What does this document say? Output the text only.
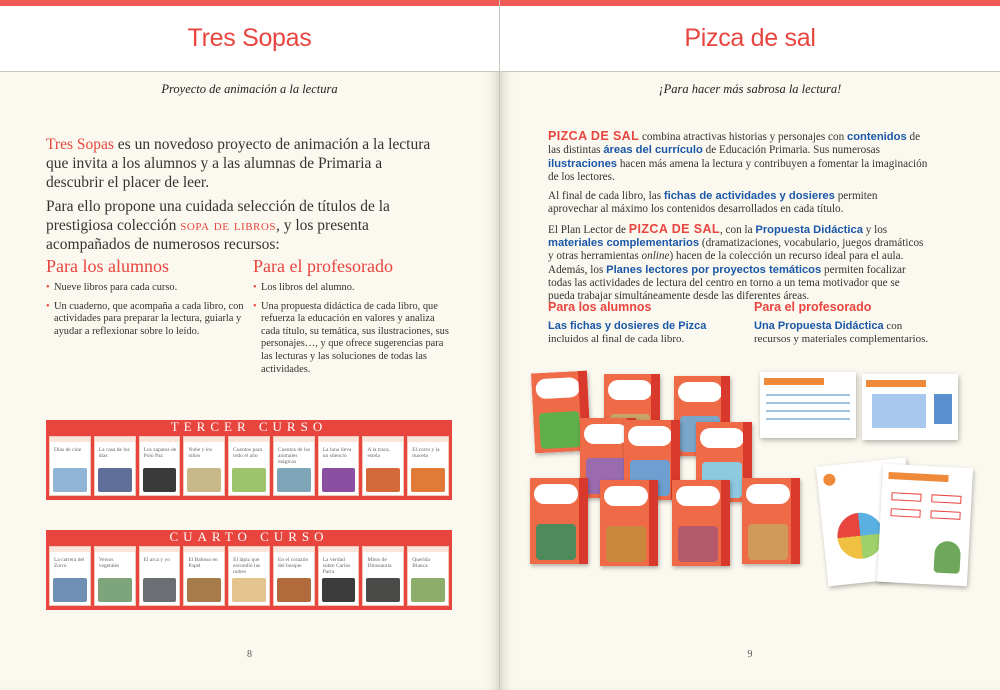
Tres Sopas
Proyecto de animación a la lectura

Tres Sopas es un novedoso proyecto de animación a la lectura que invita a los alumnos y a las alumnas de Primaria a descubrir el placer de leer.

Para ello propone una cuidada selección de títulos de la prestigiosa colección sopa de libros, y los presenta acompañados de numerosos recursos:

Para los alumnos
• Nueve libros para cada curso.
• Un cuaderno, que acompaña a cada libro, con actividades para preparar la lectura, guiarla y ayudar a reflexionar sobre lo leído.
Para el profesorado
• Los libros del alumno.
• Una propuesta didáctica de cada libro, que refuerza la educación en valores y analiza cada título, su temática, sus ilustraciones, sus personajes…, y que ofrece sugerencias para las lecturas y las soluciones de todas las actividades.
TERCER CURSO
Días de cine	La casa de los días
Los zapatos de Polo Paz
Nube y los niños
Cuentos para todo el año
Cuentos de los animales mágicos
La luna lleva un silencio
A la traca, estela
El zorro y la maceta
CUARTO CURSO
La carrera del Zorro
Versos vegetales
El arca y yo	El Baboso en Papel
El lápiz que escondió las nubes
En el corazón del bosque
La verdad sobre Carlos Parra
Mitos de Dinosauria
Querida Blanca
8
Pizca de sal
¡Para hacer más sabrosa la lectura!

PIZCA DE SAL combina atractivas historias y personajes con contenidos de las distintas áreas del currículo de Educación Primaria. Sus numerosas ilustraciones hacen más amena la lectura y contribuyen a fomentar la imaginación de los lectores.

Al final de cada libro, las fichas de actividades y dosieres permiten aprovechar al máximo los contenidos desarrollados en cada título.

El Plan Lector de PIZCA DE SAL, con la Propuesta Didáctica y los materiales complementarios (dramatizaciones, vocabulario, juegos dramáticos y otras herramientas online) hacen de la colección un recurso ideal para el aula. Además, los Planes lectores por proyectos temáticos permiten focalizar todas las actividades de lectura del centro en torno a un tema motivador que se pueda trabajar simultáneamente desde las diferentes áreas.

Para los alumnos
Las fichas y dosieres de Pizca incluidos al final de cada libro.
Para el profesorado
Una Propuesta Didáctica con recursos y materiales complementarios.
9
